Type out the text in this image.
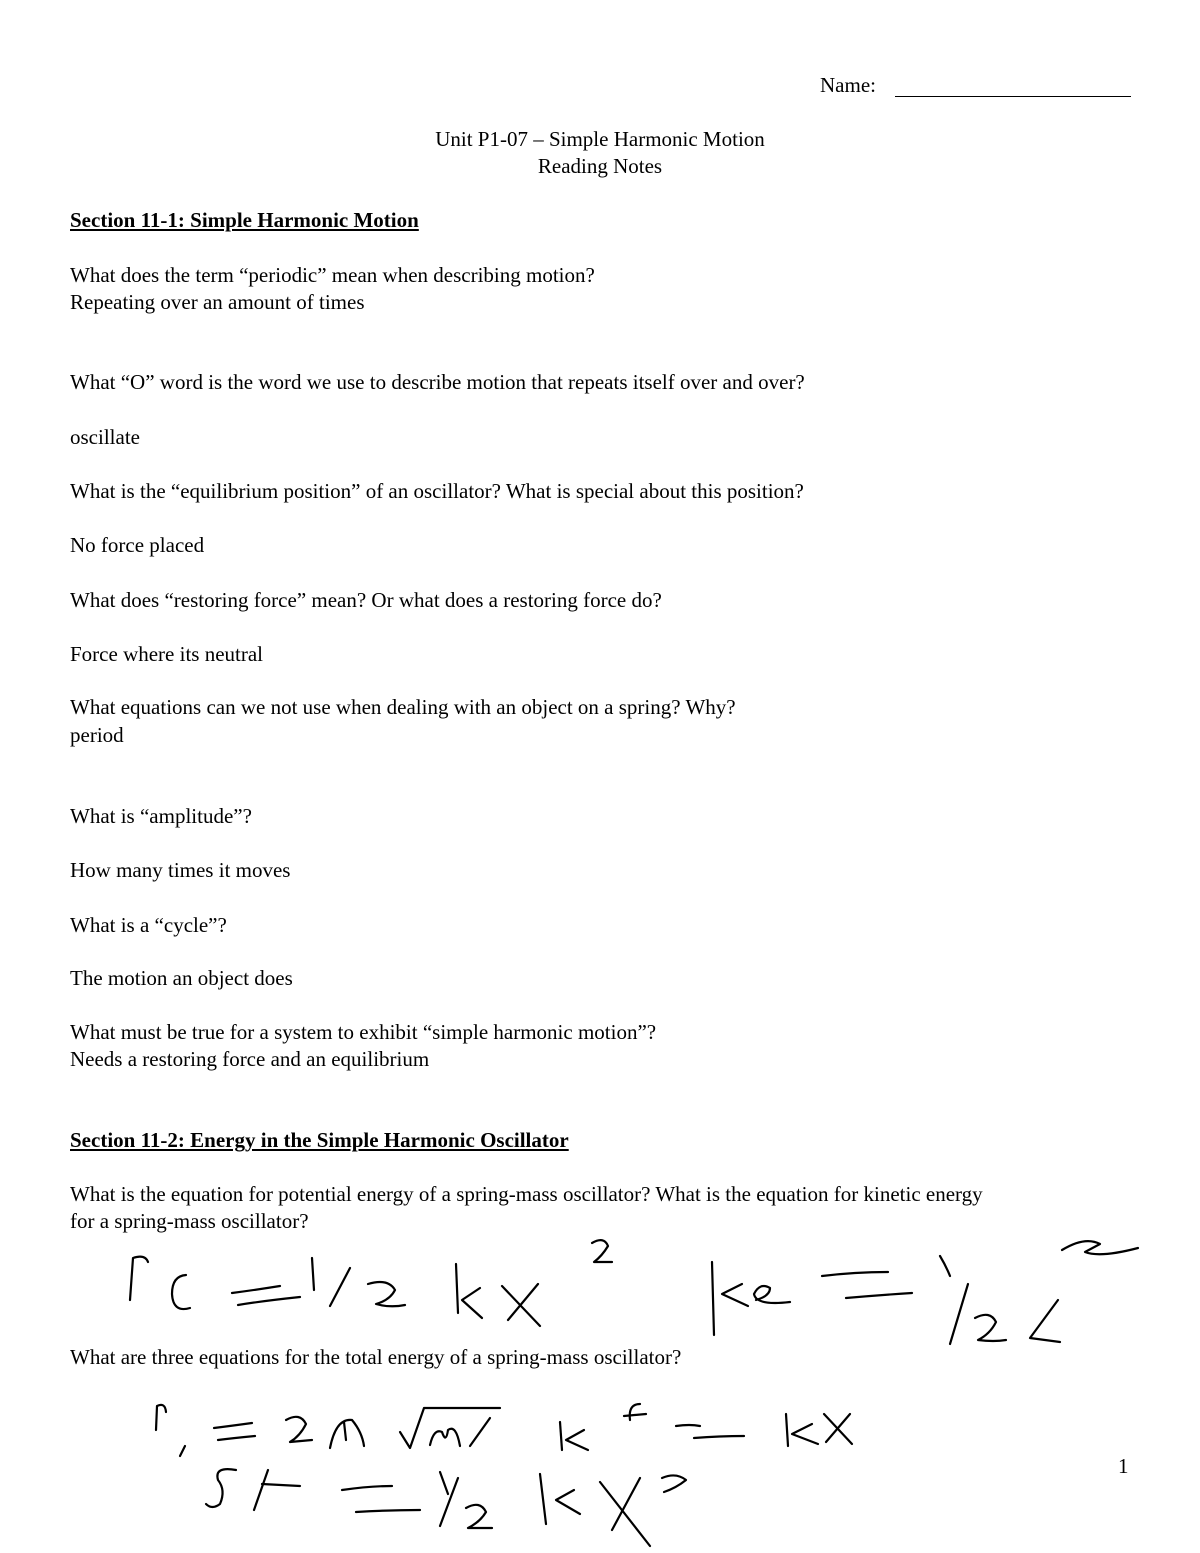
Name:
Unit P1-07 – Simple Harmonic Motion
Reading Notes
Section 11-1: Simple Harmonic Motion
What does the term “periodic” mean when describing motion?
Repeating over an amount of times
What “O” word is the word we use to describe motion that repeats itself over and over?
oscillate
What is the “equilibrium position” of an oscillator? What is special about this position?
No force placed
What does “restoring force” mean? Or what does a restoring force do?
Force where its neutral
What equations can we not use when dealing with an object on a spring? Why?
period
What is “amplitude”?
How many times it moves
What is a “cycle”?
The motion an object does
What must be true for a system to exhibit “simple harmonic motion”?
Needs a restoring force and an equilibrium
Section 11-2: Energy in the Simple Harmonic Oscillator
What is the equation for potential energy of a spring-mass oscillator? What is the equation for kinetic energy
for a spring-mass oscillator?
What are three equations for the total energy of a spring-mass oscillator?
1
